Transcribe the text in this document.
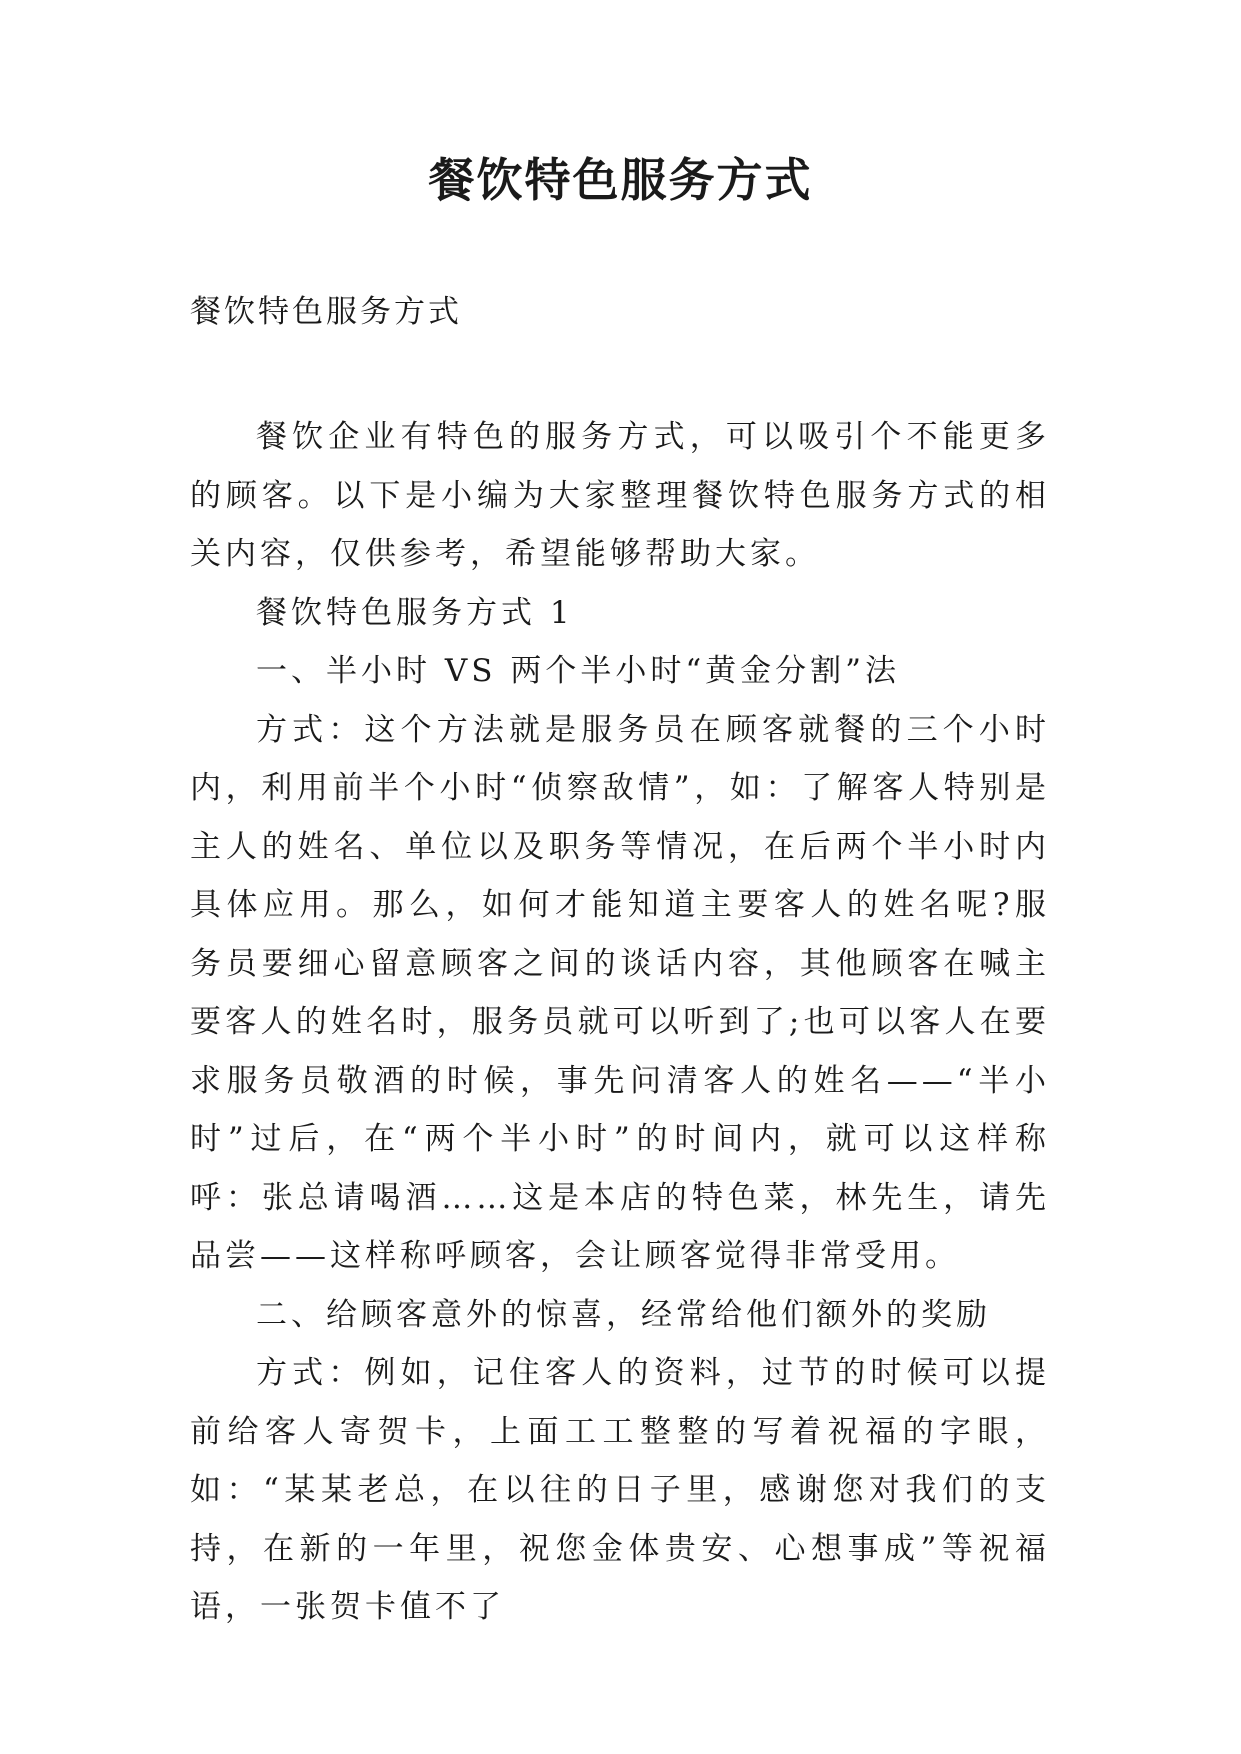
餐饮特色服务方式

餐饮特色服务方式

餐饮企业有特色的服务方式，可以吸引个不能更多的顾客。以下是小编为大家整理餐饮特色服务方式的相关内容，仅供参考，希望能够帮助大家。

餐饮特色服务方式 1

一、半小时 VS 两个半小时“黄金分割”法

方式：这个方法就是服务员在顾客就餐的三个小时内，利用前半个小时“侦察敌情”，如：了解客人特别是主人的姓名、单位以及职务等情况，在后两个半小时内具体应用。那么，如何才能知道主要客人的姓名呢?服务员要细心留意顾客之间的谈话内容，其他顾客在喊主要客人的姓名时，服务员就可以听到了;也可以客人在要求服务员敬酒的时候，事先问清客人的姓名——“半小时”过后，在“两个半小时”的时间内，就可以这样称呼：张总请喝酒……这是本店的特色菜，林先生，请先品尝——这样称呼顾客，会让顾客觉得非常受用。

二、给顾客意外的惊喜，经常给他们额外的奖励

方式：例如，记住客人的资料，过节的时候可以提前给客人寄贺卡，上面工工整整的写着祝福的字眼，如：“某某老总，在以往的日子里，感谢您对我们的支持，在新的一年里，祝您金体贵安、心想事成”等祝福语，一张贺卡值不了
